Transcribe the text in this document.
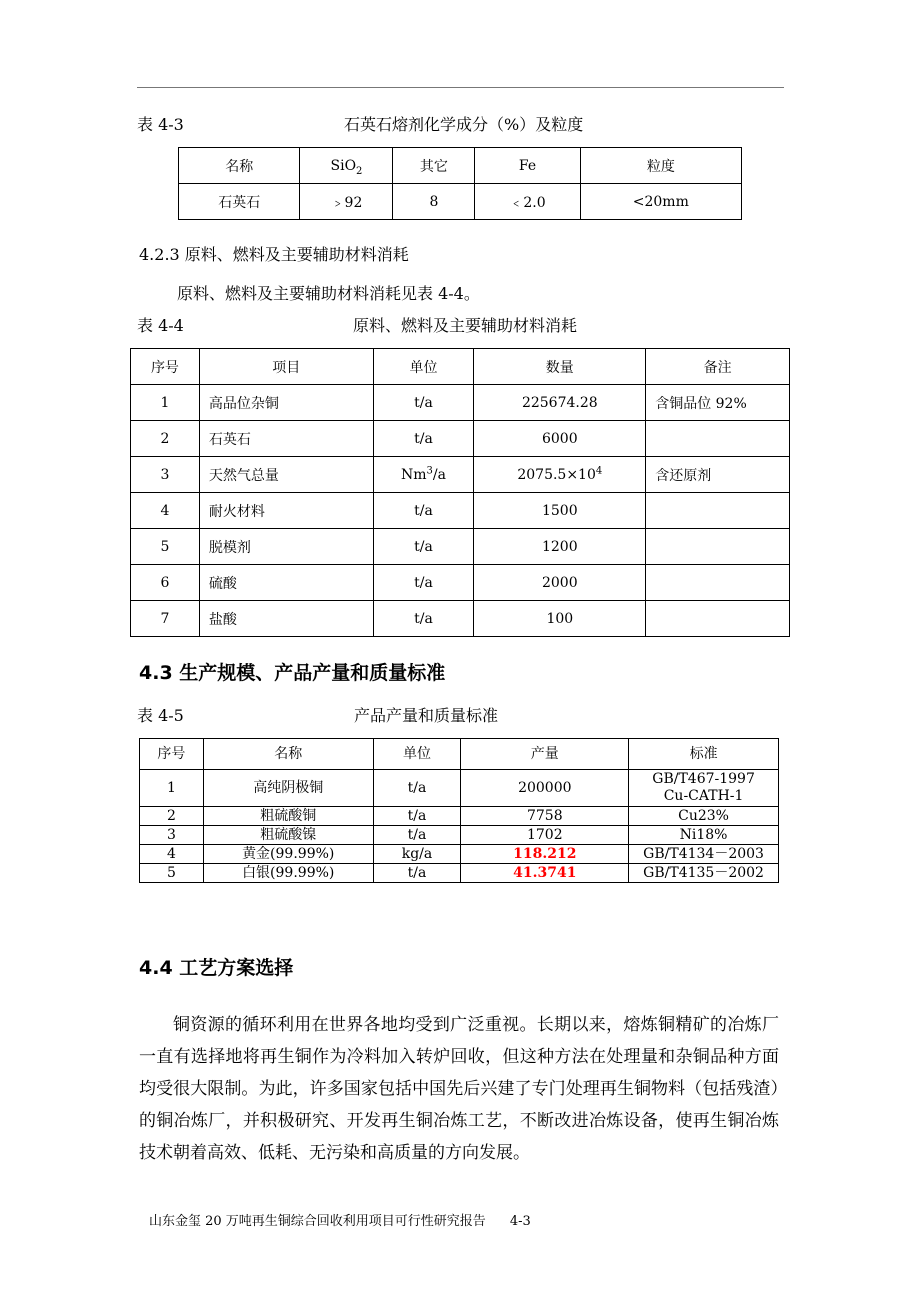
表 4-3	石英石熔剂化学成分（%）及粒度
名称	SiO$_2$	其它	Fe	粒度
石英石	﹥92	8	﹤2.0	<20mm
4.2.3 原料、燃料及主要辅助材料消耗
原料、燃料及主要辅助材料消耗见表 4-4。
表 4-4	原料、燃料及主要辅助材料消耗
序号	项目	单位	数量	备注
1	高品位杂铜	t/a	225674.28	含铜品位 92%
2	石英石	t/a	6000	
3	天然气总量	Nm$^3$/a	$2075.5\times 10^4$	含还原剂
4	耐火材料	t/a	1500	
5	脱模剂	t/a	1200	
6	硫酸	t/a	2000	
7	盐酸	t/a	100	
4.3 生产规模、产品产量和质量标准
表 4-5	产品产量和质量标准
序号	名称	单位	产量	标准
1	高纯阴极铜	t/a	200000	GB/T467-1997
Cu-CATH-1

2	粗硫酸铜	t/a	7758	Cu23%
3	粗硫酸镍	t/a	1702	Ni18%
4	黄金(99.99%)	kg/a	118.212	GB/T4134－2003
5	白银(99.99%)	t/a	41.3741	GB/T4135－2002
4.4 工艺方案选择

铜资源的循环利用在世界各地均受到广泛重视。长期以来，熔炼铜精矿的冶炼厂一直有选择地将再生铜作为冷料加入转炉回收，但这种方法在处理量和杂铜品种方面均受很大限制。为此，许多国家包括中国先后兴建了专门处理再生铜物料（包括残渣）的铜冶炼厂，并积极研究、开发再生铜冶炼工艺，不断改进冶炼设备，使再生铜冶炼技术朝着高效、低耗、无污染和高质量的方向发展。

山东金玺 20 万吨再生铜综合回收利用项目可行性研究报告 4-3
